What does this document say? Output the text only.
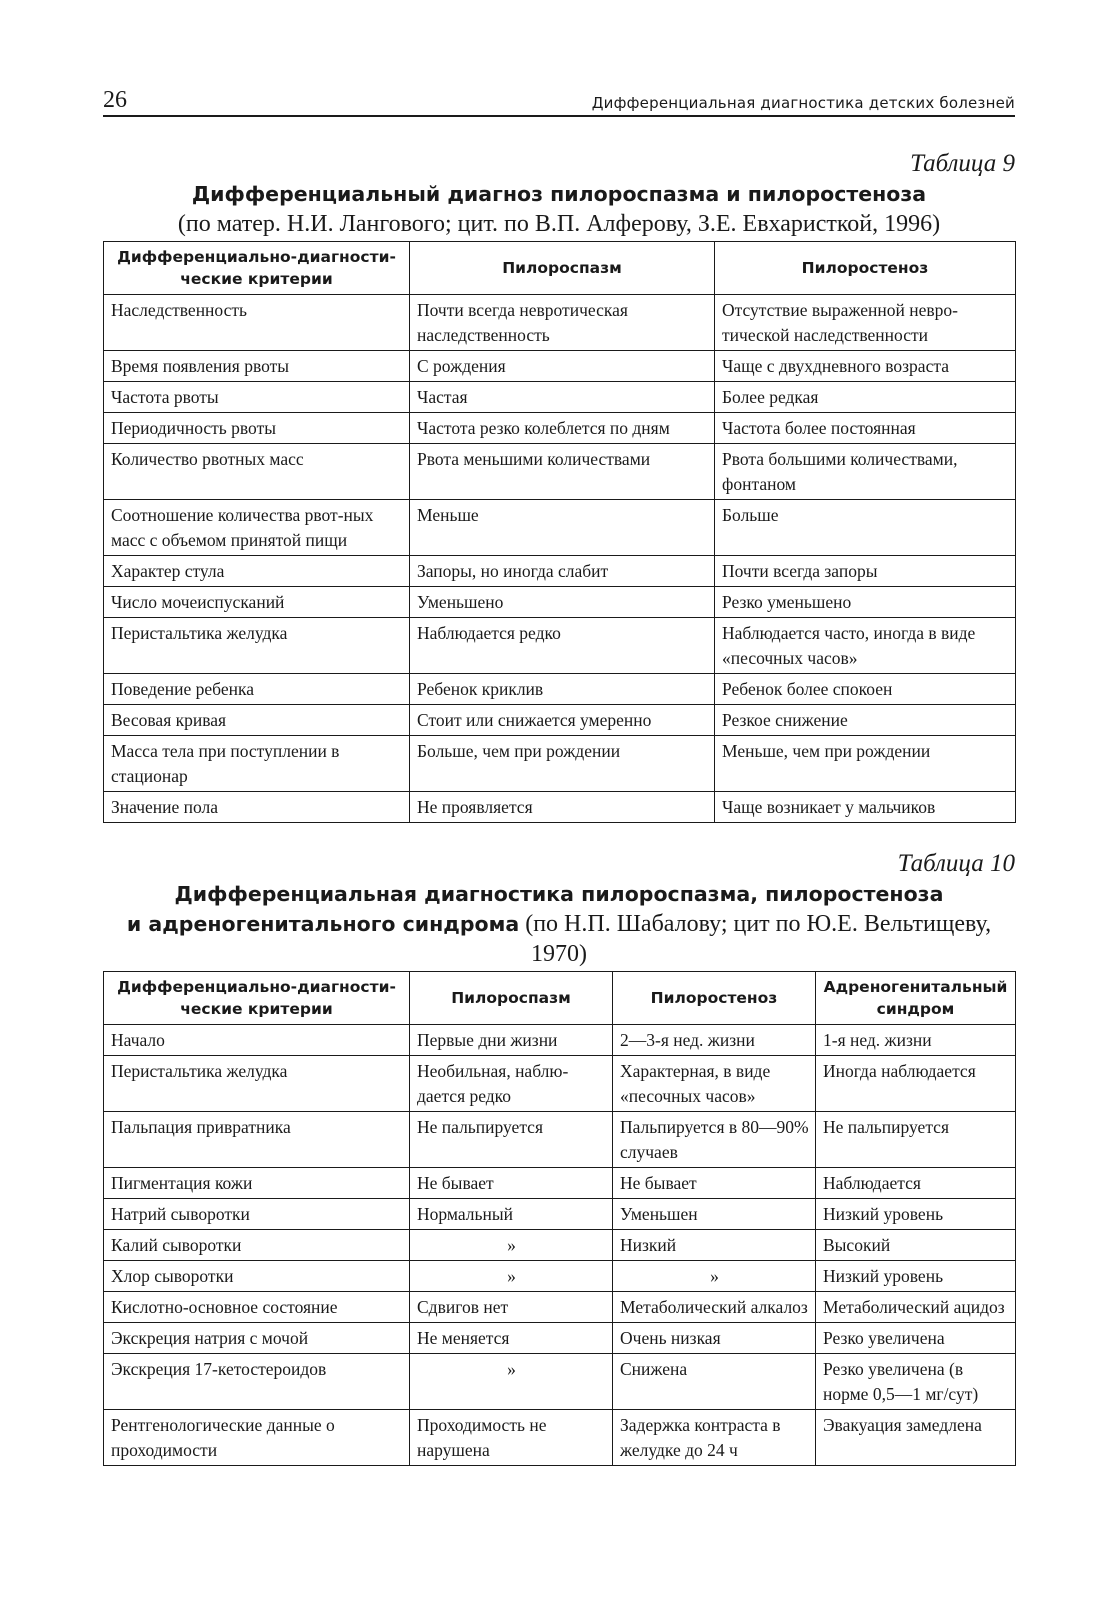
26	Дифференциальная диагностика детских болезней
Таблица 9
Дифференциальный диагноз пилороспазма и пилоростеноза
(по матер. Н.И. Лангового; цит. по В.П. Алферову, З.Е. Евхаристкой, 1996)
Дифференциально-диагности-ческие критерии	Пилороспазм	Пилоростеноз
Наследственность	Почти всегда невротическая наследственность	Отсутствие выраженной невро-тической наследственности
Время появления рвоты	С рождения	Чаще с двухдневного возраста
Частота рвоты	Частая	Более редкая
Периодичность рвоты	Частота резко колеблется по дням	Частота более постоянная
Количество рвотных масс	Рвота меньшими количествами	Рвота большими количествами, фонтаном
Соотношение количества рвот-ных масс с объемом принятой пищи	Меньше	Больше
Характер стула	Запоры, но иногда слабит	Почти всегда запоры
Число мочеиспусканий	Уменьшено	Резко уменьшено
Перистальтика желудка	Наблюдается редко	Наблюдается часто, иногда в виде «песочных часов»
Поведение ребенка	Ребенок криклив	Ребенок более спокоен
Весовая кривая	Стоит или снижается умеренно	Резкое снижение
Масса тела при поступлении в стационар	Больше, чем при рождении	Меньше, чем при рождении
Значение пола	Не проявляется	Чаще возникает у мальчиков
Таблица 10
Дифференциальная диагностика пилороспазма, пилоростеноза
и адреногенитального синдрома (по Н.П. Шабалову; цит по Ю.Е. Вельтищеву, 1970)
Дифференциально-диагности-ческие критерии	Пилороспазм	Пилоростеноз	Адреногенитальный синдром
Начало	Первые дни жизни	2—3-я нед. жизни	1-я нед. жизни
Перистальтика желудка	Необильная, наблю-дается редко	Характерная, в виде «песочных часов»	Иногда наблюдается
Пальпация привратника	Не пальпируется	Пальпируется в 80—90% случаев	Не пальпируется
Пигментация кожи	Не бывает	Не бывает	Наблюдается
Натрий сыворотки	Нормальный	Уменьшен	Низкий уровень
Калий сыворотки	»	Низкий	Высокий
Хлор сыворотки	»	»	Низкий уровень
Кислотно-основное состояние	Сдвигов нет	Метаболический алкалоз	Метаболический ацидоз
Экскреция натрия с мочой	Не меняется	Очень низкая	Резко увеличена
Экскреция 17-кетостероидов	»	Снижена	Резко увеличена (в норме 0,5—1 мг/сут)
Рентгенологические данные о проходимости	Проходимость не нарушена	Задержка контраста в желудке до 24 ч	Эвакуация замедлена
